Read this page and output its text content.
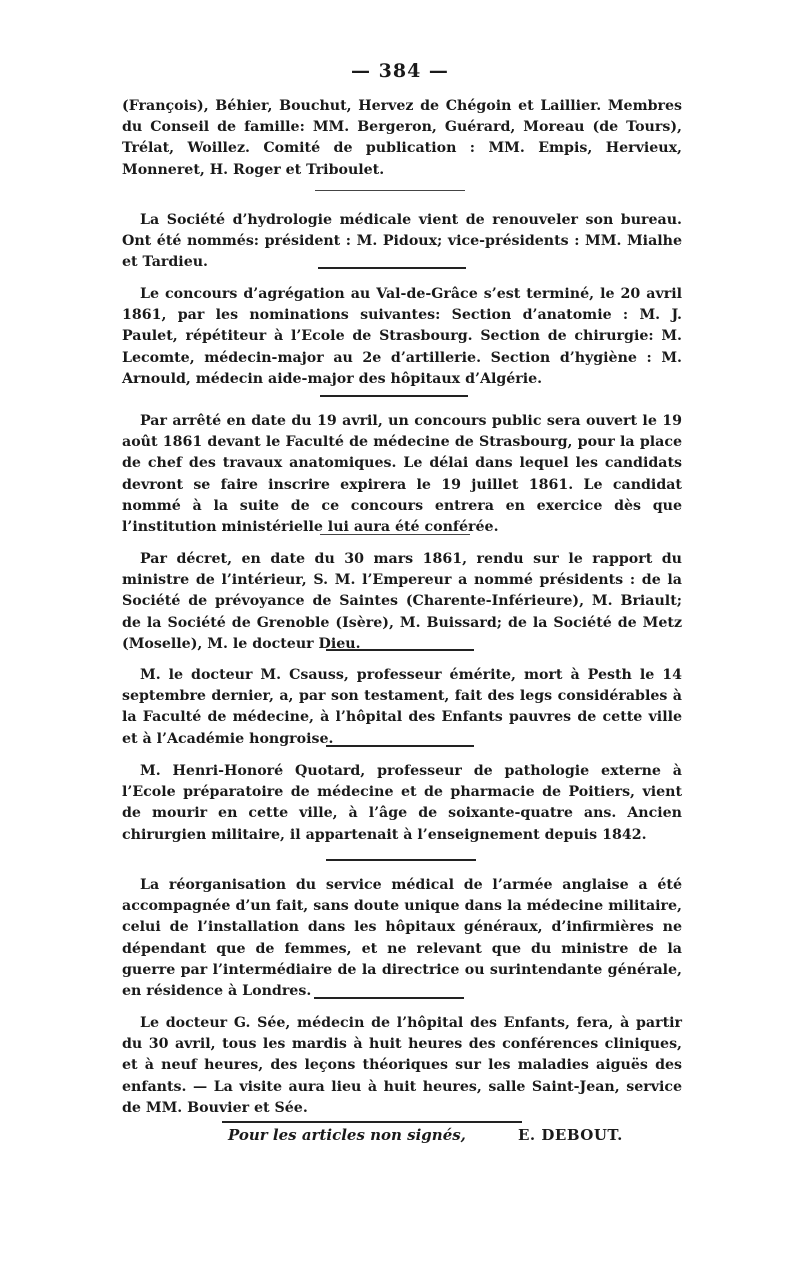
— 384 —
(François), Béhier, Bouchut, Hervez de Chégoin et Laillier. Membres du Conseil de famille: MM. Bergeron, Guérard, Moreau (de Tours), Trélat, Woillez. Comité de publication : MM. Empis, Hervieux, Monneret, H. Roger et Triboulet.
La Société d’hydrologie médicale vient de renouveler son bureau. Ont été nommés: président : M. Pidoux; vice-présidents : MM. Mialhe et Tardieu.
Le concours d’agrégation au Val-de-Grâce s’est terminé, le 20 avril 1861, par les nominations suivantes: Section d’anatomie : M. J. Paulet, répétiteur à l’Ecole de Strasbourg. Section de chirurgie: M. Lecomte, médecin-major au 2e d’artillerie. Section d’hygiène : M. Arnould, médecin aide-major des hôpitaux d’Algérie.
Par arrêté en date du 19 avril, un concours public sera ouvert le 19 août 1861 devant le Faculté de médecine de Strasbourg, pour la place de chef des travaux anatomiques. Le délai dans lequel les candidats devront se faire inscrire expirera le 19 juillet 1861. Le candidat nommé à la suite de ce concours entrera en exercice dès que l’institution ministérielle lui aura été conférée.
Par décret, en date du 30 mars 1861, rendu sur le rapport du ministre de l’intérieur, S. M. l’Empereur a nommé présidents : de la Société de prévoyance de Saintes (Charente-Inférieure), M. Briault; de la Société de Grenoble (Isère), M. Buissard; de la Société de Metz (Moselle), M. le docteur Dieu.
M. le docteur M. Csauss, professeur émérite, mort à Pesth le 14 septembre dernier, a, par son testament, fait des legs considérables à la Faculté de médecine, à l’hôpital des Enfants pauvres de cette ville et à l’Académie hongroise.
M. Henri-Honoré Quotard, professeur de pathologie externe à l’Ecole préparatoire de médecine et de pharmacie de Poitiers, vient de mourir en cette ville, à l’âge de soixante-quatre ans. Ancien chirurgien militaire, il appartenait à l’enseignement depuis 1842.
La réorganisation du service médical de l’armée anglaise a été accompagnée d’un fait, sans doute unique dans la médecine militaire, celui de l’installation dans les hôpitaux généraux, d’infirmières ne dépendant que de femmes, et ne relevant que du ministre de la guerre par l’intermédiaire de la directrice ou surintendante générale, en résidence à Londres.
Le docteur G. Sée, médecin de l’hôpital des Enfants, fera, à partir du 30 avril, tous les mardis à huit heures des conférences cliniques, et à neuf heures, des leçons théoriques sur les maladies aiguës des enfants. — La visite aura lieu à huit heures, salle Saint-Jean, service de MM. Bouvier et Sée.
Pour les articles non signés,	E. DEBOUT.
